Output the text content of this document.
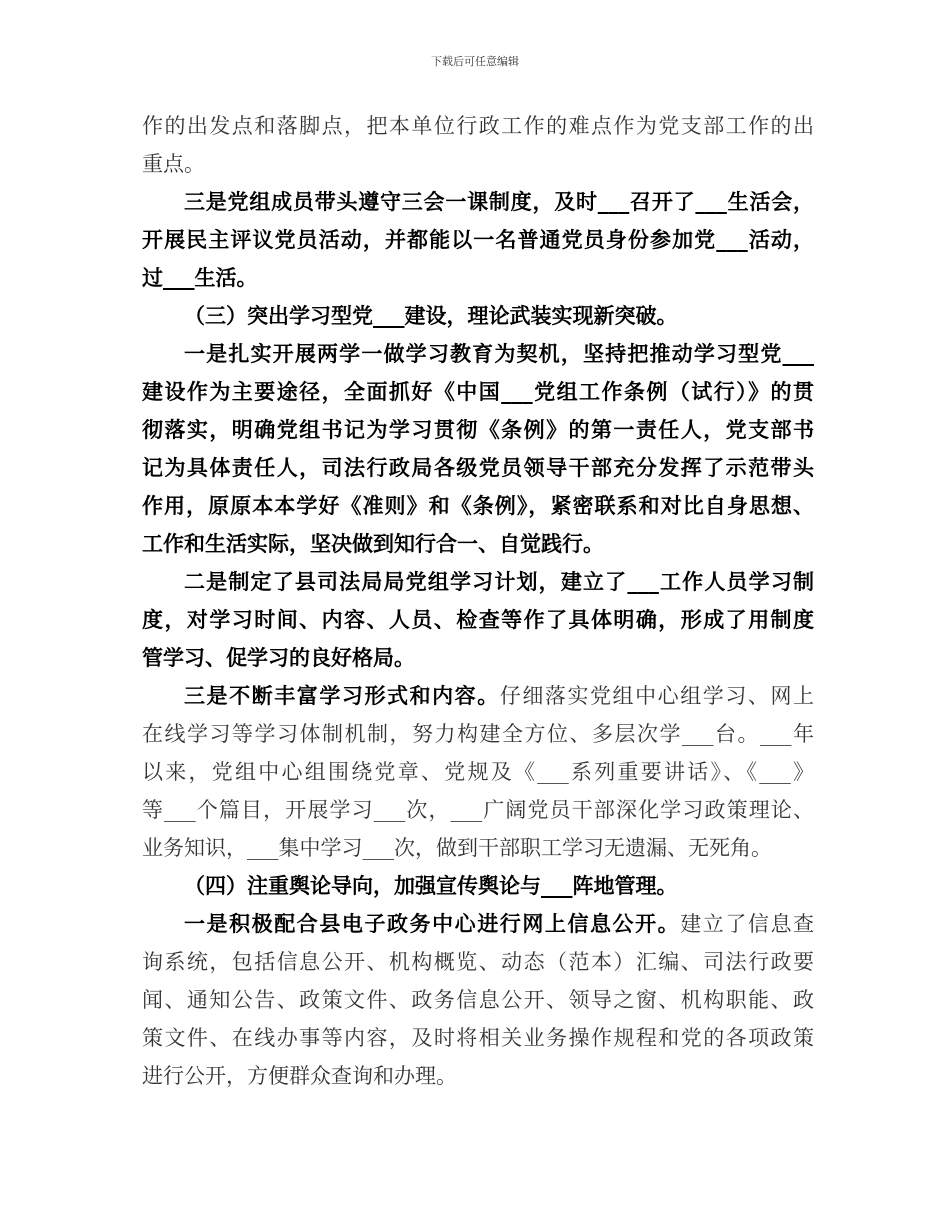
下载后可任意编辑
作的出发点和落脚点，把本单位行政工作的难点作为党支部工作的出
重点。
三是党组成员带头遵守三会一课制度，及时___召开了___生活会，
开展民主评议党员活动，并都能以一名普通党员身份参加党___活动，
过___生活。
（三）突出学习型党___建设，理论武装实现新突破。
一是扎实开展两学一做学习教育为契机，坚持把推动学习型党___
建设作为主要途径，全面抓好《中国___党组工作条例（试行）》的贯
彻落实，明确党组书记为学习贯彻《条例》的第一责任人，党支部书
记为具体责任人，司法行政局各级党员领导干部充分发挥了示范带头
作用，原原本本学好《准则》和《条例》，紧密联系和对比自身思想、
工作和生活实际，坚决做到知行合一、自觉践行。
二是制定了县司法局局党组学习计划，建立了___工作人员学习制
度，对学习时间、内容、人员、检查等作了具体明确，形成了用制度
管学习、促学习的良好格局。
三是不断丰富学习形式和内容。仔细落实党组中心组学习、网上
在线学习等学习体制机制，努力构建全方位、多层次学___台。___年
以来，党组中心组围绕党章、党规及《___系列重要讲话》、《___》
等___个篇目，开展学习___次，___广阔党员干部深化学习政策理论、
业务知识，___集中学习___次，做到干部职工学习无遗漏、无死角。
（四）注重舆论导向，加强宣传舆论与___阵地管理。
一是积极配合县电子政务中心进行网上信息公开。建立了信息查
询系统，包括信息公开、机构概览、动态（范本）汇编、司法行政要
闻、通知公告、政策文件、政务信息公开、领导之窗、机构职能、政
策文件、在线办事等内容，及时将相关业务操作规程和党的各项政策
进行公开，方便群众查询和办理。
